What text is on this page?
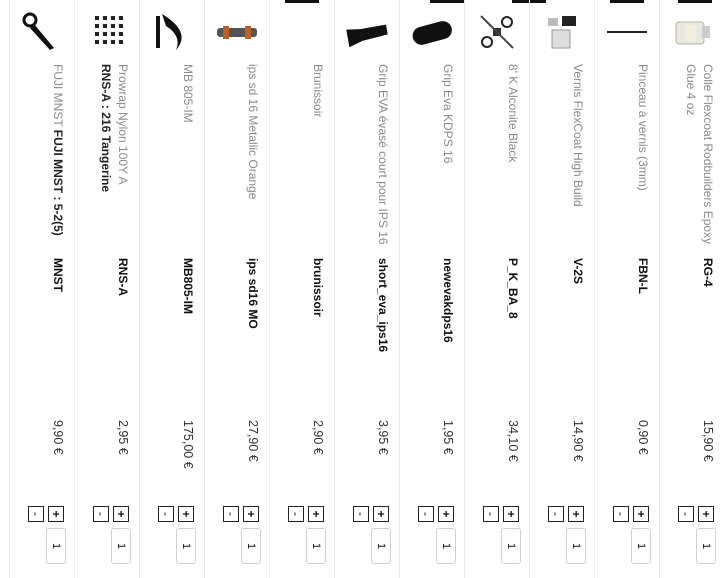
Colle Flexcoat Rodbuilders Epoxy Glue 4 oz

RG-4
15,90 €
+
-
1
Pinceau à vernis (3mm)

FBN-L
0,90 €
+
-
1
Vernis FlexCoat High Build

V-2S
14,90 €
+
-
1
8' K Alconite Black

P_K_BA_8
34,10 €
+
-
1
Grip Eva KDPS 16

newevakdps16
1,95 €
+
-
1
Grip EVA évasé court pour IPS 16

short_eva_ips16
3,95 €
+
-
1
Brunissoir

brunissoir
2,90 €
+
-
1
ips sd 16 Metallic Orange

ips sd16 MO
27,90 €
+
-
1
MB 805-IM

MB805-IM
175,00 €
+
-
1
Prowrap Nylon 100Y A
RNS-A : 216 Tangerine
RNS-A
2,95 €
+
-
1
FUJI MNST FUJI MNST : 5-2(5)
MNST
9,90 €
+
-
1
